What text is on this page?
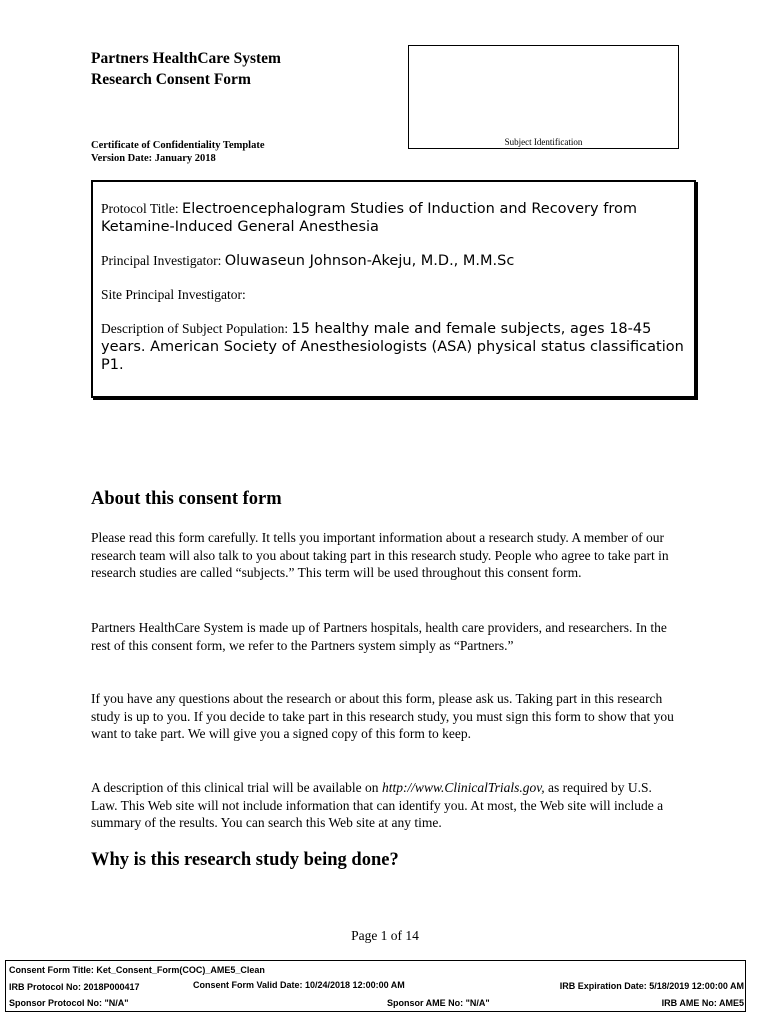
Partners HealthCare System
Research Consent Form
Certificate of Confidentiality Template
Version Date: January 2018
Subject Identification
Protocol Title: Electroencephalogram Studies of Induction and Recovery from Ketamine-Induced General Anesthesia
Principal Investigator: Oluwaseun Johnson-Akeju, M.D., M.M.Sc
Site Principal Investigator:
Description of Subject Population: 15 healthy male and female subjects, ages 18-45 years. American Society of Anesthesiologists (ASA) physical status classification P1.
About this consent form

Please read this form carefully. It tells you important information about a research study. A member of our research team will also talk to you about taking part in this research study. People who agree to take part in research studies are called “subjects.” This term will be used throughout this consent form.

Partners HealthCare System is made up of Partners hospitals, health care providers, and researchers. In the rest of this consent form, we refer to the Partners system simply as “Partners.”

If you have any questions about the research or about this form, please ask us. Taking part in this research study is up to you. If you decide to take part in this research study, you must sign this form to show that you want to take part. We will give you a signed copy of this form to keep.

A description of this clinical trial will be available on http://www.ClinicalTrials.gov, as required by U.S. Law. This Web site will not include information that can identify you. At most, the Web site will include a summary of the results. You can search this Web site at any time.

Why is this research study being done?
Page 1 of 14
Consent Form Title: Ket_Consent_Form(COC)_AME5_Clean
IRB Protocol No: 2018P000417	Consent Form Valid Date: 10/24/2018 12:00:00 AM	IRB Expiration Date: 5/18/2019 12:00:00 AM
Sponsor Protocol No: "N/A"	Sponsor AME No: "N/A"	IRB AME No: AME5
